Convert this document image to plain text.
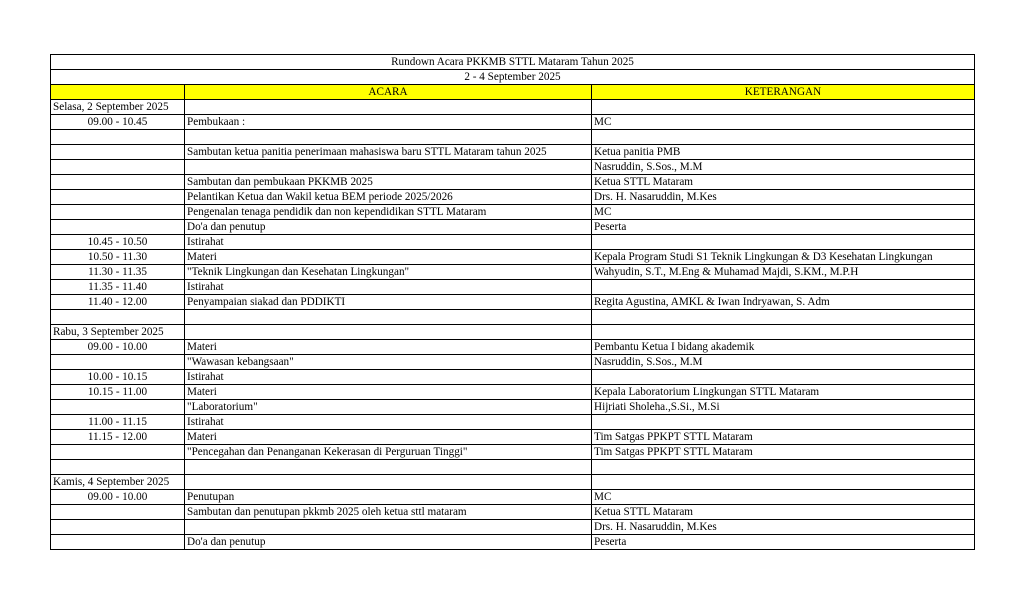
Rundown Acara PKKMB STTL Mataram Tahun 2025		
2 - 4 September 2025		
	ACARA	KETERANGAN
Selasa, 2 September 2025		
09.00 - 10.45	Pembukaan :	MC

	Sambutan ketua panitia penerimaan mahasiswa baru STTL Mataram tahun 2025	Ketua panitia PMB
		Nasruddin, S.Sos., M.M
	Sambutan dan pembukaan PKKMB 2025	Ketua STTL Mataram
	Pelantikan Ketua dan Wakil ketua BEM periode 2025/2026	Drs. H. Nasaruddin, M.Kes
	Pengenalan tenaga pendidik dan non kependidikan STTL Mataram	MC
	Do'a dan penutup	Peserta
10.45 - 10.50	Istirahat	
10.50 - 11.30	Materi	Kepala Program Studi S1 Teknik Lingkungan & D3 Kesehatan Lingkungan
11.30 - 11.35	"Teknik Lingkungan dan Kesehatan Lingkungan"	Wahyudin, S.T., M.Eng & Muhamad Majdi, S.KM., M.P.H
11.35 - 11.40	Istirahat	
11.40 - 12.00	Penyampaian siakad dan PDDIKTI	Regita Agustina, AMKL & Iwan Indryawan, S. Adm

Rabu, 3 September 2025		
09.00 - 10.00	Materi	Pembantu Ketua I bidang akademik
	"Wawasan kebangsaan"	Nasruddin, S.Sos., M.M
10.00 - 10.15	Istirahat	
10.15 - 11.00	Materi	Kepala Laboratorium Lingkungan STTL Mataram
	"Laboratorium"	Hijriati Sholeha.,S.Si., M.Si
11.00 - 11.15	Istirahat	
11.15 - 12.00	Materi	Tim Satgas PPKPT STTL Mataram
	"Pencegahan dan Penanganan Kekerasan di Perguruan Tinggi"	Tim Satgas PPKPT STTL Mataram

Kamis, 4 September 2025		
09.00 - 10.00	Penutupan	MC
	Sambutan dan penutupan pkkmb 2025 oleh ketua sttl mataram	Ketua STTL Mataram
		Drs. H. Nasaruddin, M.Kes
	Do'a dan penutup	Peserta
